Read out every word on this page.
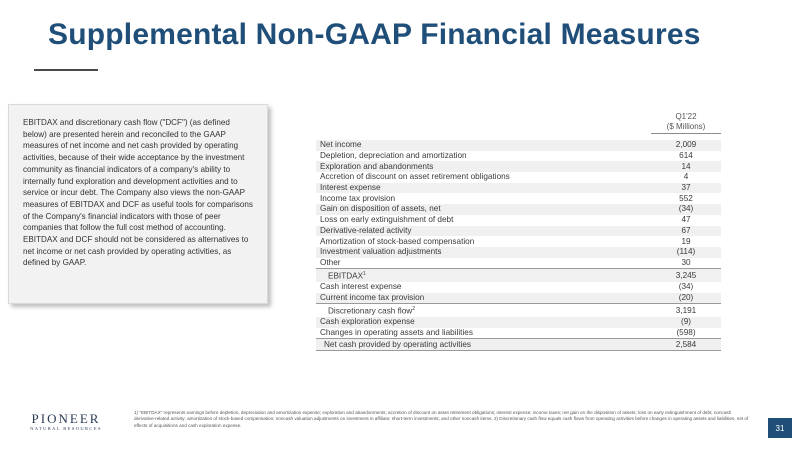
Supplemental Non-GAAP Financial Measures

EBITDAX and discretionary cash flow ("DCF") (as defined below) are presented herein and reconciled to the GAAP measures of net income and net cash provided by operating activities, because of their wide acceptance by the investment community as financial indicators of a company's ability to internally fund exploration and development activities and to service or incur debt. The Company also views the non-GAAP measures of EBITDAX and DCF as useful tools for comparisons of the Company's financial indicators with those of peer companies that follow the full cost method of accounting. EBITDAX and DCF should not be considered as alternatives to net income or net cash provided by operating activities, as defined by GAAP.

Q1'22
($ Millions)
Net income	2,009
Depletion, depreciation and amortization	614
Exploration and abandonments	14
Accretion of discount on asset retirement obligations	4
Interest expense	37
Income tax provision	552
Gain on disposition of assets, net	(34)
Loss on early extinguishment of debt	47
Derivative-related activity	67
Amortization of stock-based compensation	19
Investment valuation adjustments	(114)
Other	30
EBITDAX$^1$	3,245
Cash interest expense	(34)
Current income tax provision	(20)
Discretionary cash flow$^2$	3,191
Cash exploration expense	(9)
Changes in operating assets and liabilities	(598)
Net cash provided by operating activities	2,584
PIONEER
NATURAL RESOURCES
1) "EBITDAX" represents earnings before depletion, depreciation and amortization expense; exploration and abandonments; accretion of discount on asset retirement obligations; interest expense; income taxes; net gain on the disposition of assets; loss on early extinguishment of debt; noncash derivative-related activity; amortization of stock-based compensation; noncash valuation adjustments on investment in affiliate; short-term investments; and other noncash items. 2) Discretionary cash flow equals cash flows from operating activities before changes in operating assets and liabilities, net of effects of acquisitions and cash exploration expense.	31
